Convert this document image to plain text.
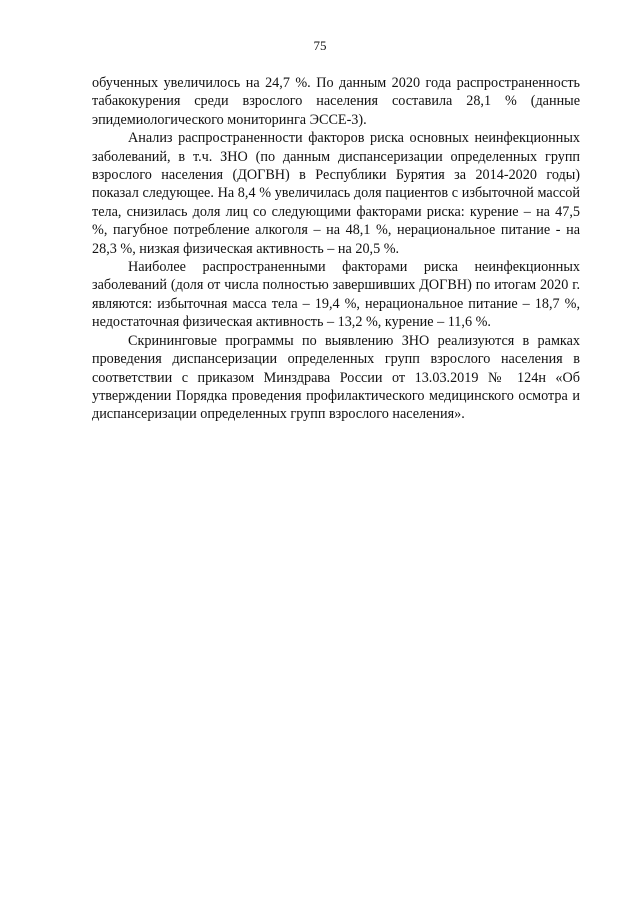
75

обученных увеличилось на 24,7 %. По данным 2020 года распространенность табакокурения среди взрослого населения составила 28,1 % (данные эпидемиологического мониторинга ЭССЕ-3).

Анализ распространенности факторов риска основных неинфекционных заболеваний, в т.ч. ЗНО (по данным диспансеризации определенных групп взрослого населения (ДОГВН) в Республики Бурятия за 2014-2020 годы) показал следующее. На 8,4 % увеличилась доля пациентов с избыточной массой тела, снизилась доля лиц со следующими факторами риска: курение – на 47,5 %, пагубное потребление алкоголя – на 48,1 %, нерациональное питание - на 28,3 %, низкая физическая активность – на 20,5 %.

Наиболее распространенными факторами риска неинфекционных заболеваний (доля от числа полностью завершивших ДОГВН) по итогам 2020 г. являются: избыточная масса тела – 19,4 %, нерациональное питание – 18,7 %, недостаточная физическая активность – 13,2 %, курение – 11,6 %.

Скрининговые программы по выявлению ЗНО реализуются в рамках проведения диспансеризации определенных групп взрослого населения в соответствии с приказом Минздрава России от 13.03.2019 № 124н «Об утверждении Порядка проведения профилактического медицинского осмотра и диспансеризации определенных групп взрослого населения».
